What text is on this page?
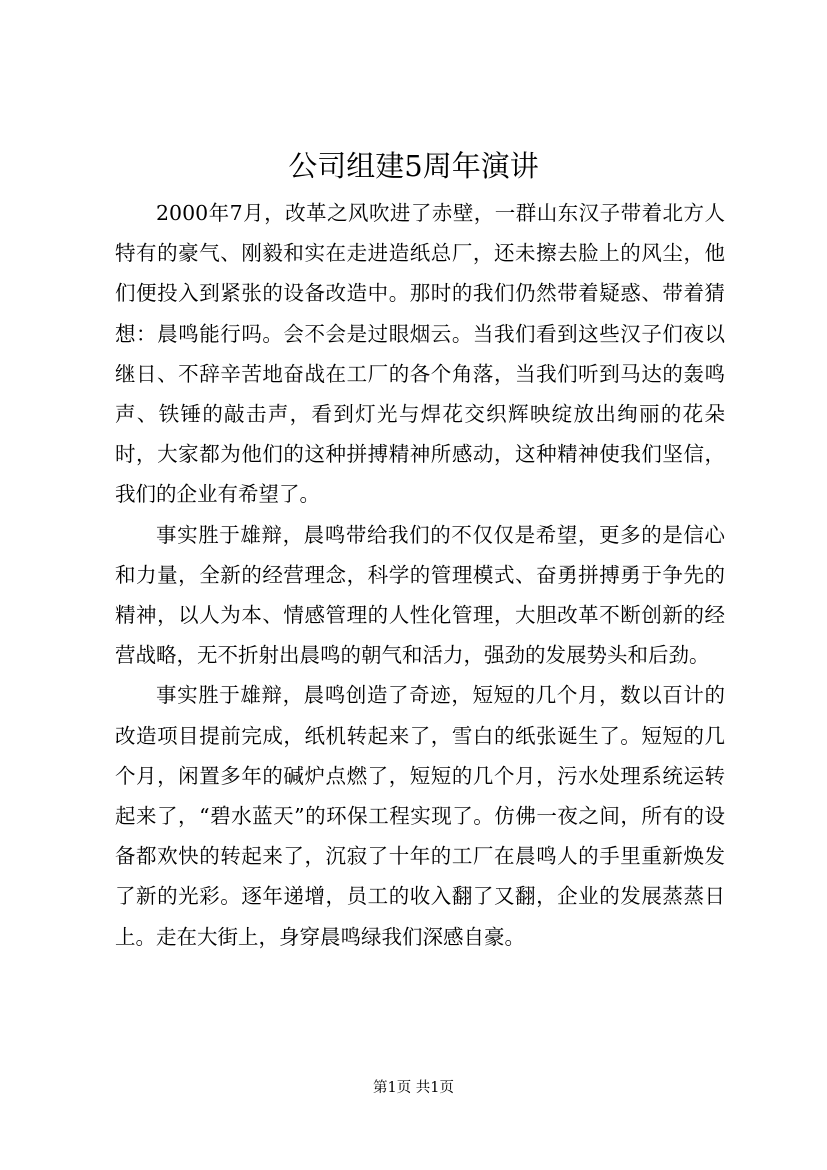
公司组建5周年演讲

2000年7月，改革之风吹进了赤壁，一群山东汉子带着北方人特有的豪气、刚毅和实在走进造纸总厂，还未擦去脸上的风尘，他们便投入到紧张的设备改造中。那时的我们仍然带着疑惑、带着猜想：晨鸣能行吗。会不会是过眼烟云。当我们看到这些汉子们夜以继日、不辞辛苦地奋战在工厂的各个角落，当我们听到马达的轰鸣声、铁锤的敲击声，看到灯光与焊花交织辉映绽放出绚丽的花朵时，大家都为他们的这种拼搏精神所感动，这种精神使我们坚信，我们的企业有希望了。

事实胜于雄辩，晨鸣带给我们的不仅仅是希望，更多的是信心和力量，全新的经营理念，科学的管理模式、奋勇拼搏勇于争先的精神，以人为本、情感管理的人性化管理，大胆改革不断创新的经营战略，无不折射出晨鸣的朝气和活力，强劲的发展势头和后劲。

事实胜于雄辩，晨鸣创造了奇迹，短短的几个月，数以百计的改造项目提前完成，纸机转起来了，雪白的纸张诞生了。短短的几个月，闲置多年的碱炉点燃了，短短的几个月，污水处理系统运转起来了，“碧水蓝天”的环保工程实现了。仿佛一夜之间，所有的设备都欢快的转起来了，沉寂了十年的工厂在晨鸣人的手里重新焕发了新的光彩。逐年递增，员工的收入翻了又翻，企业的发展蒸蒸日上。走在大街上，身穿晨鸣绿我们深感自豪。

第1页 共1页
